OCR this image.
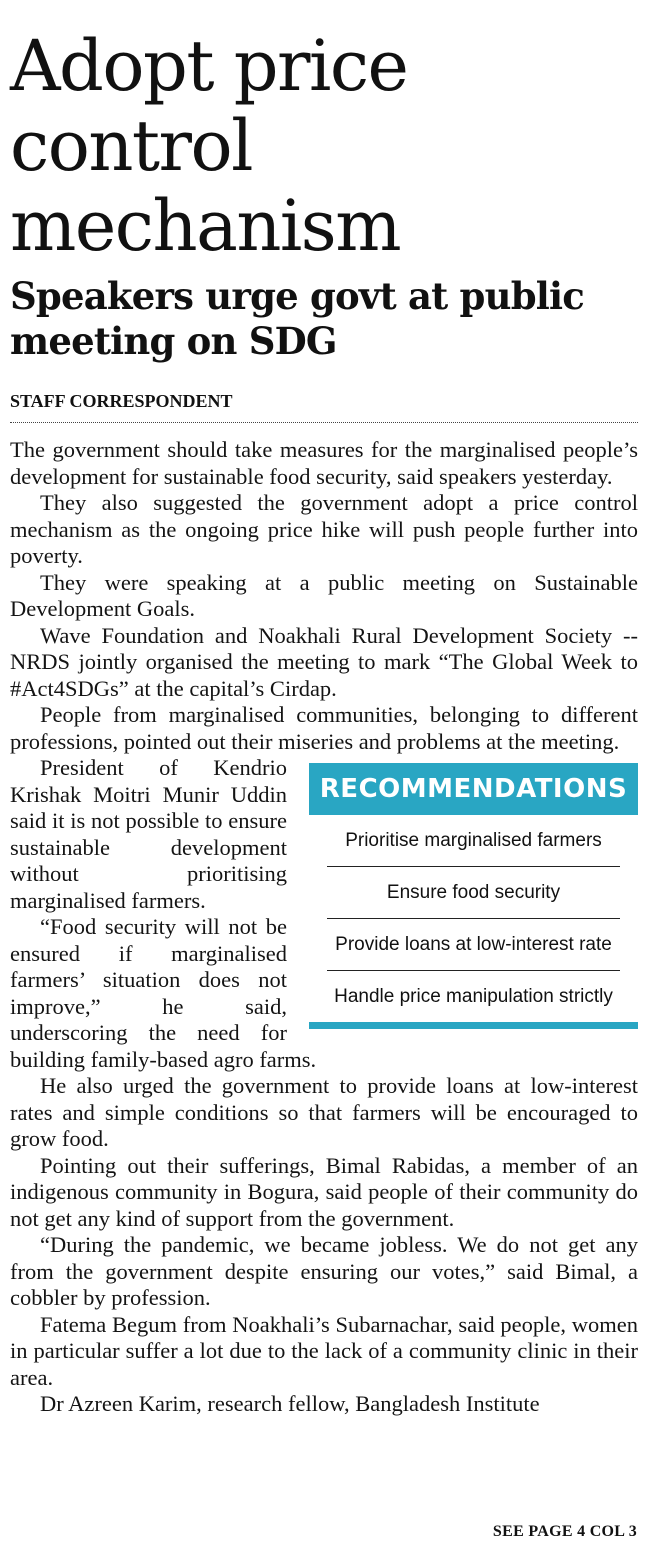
Adopt price control mechanism
Speakers urge govt at public meeting on SDG
STAFF CORRESPONDENT

The government should take measures for the marginalised people’s development for sustainable food security, said speakers yesterday.

They also suggested the government adopt a price control mechanism as the ongoing price hike will push people further into poverty.

They were speaking at a public meeting on Sustainable Development Goals.

Wave Foundation and Noakhali Rural Development Society -- NRDS jointly organised the meeting to mark “The Global Week to #Act4SDGs” at the capital’s Cirdap.

People from marginalised communities, belonging to different professions, pointed out their miseries and problems at the meeting.

RECOMMENDATIONS
Prioritise marginalised farmers
Ensure food security
Provide loans at low-interest rate
Handle price manipulation strictly

President of Kendrio Krishak Moitri Munir Uddin said it is not possible to ensure sustainable development without prioritising marginalised farmers.

“Food security will not be ensured if marginalised farmers’ situation does not improve,” he said, underscoring the need for building family-based agro farms.

He also urged the government to provide loans at low-interest rates and simple conditions so that farmers will be encouraged to grow food.

Pointing out their sufferings, Bimal Rabidas, a member of an indigenous community in Bogura, said people of their community do not get any kind of support from the government.

“During the pandemic, we became jobless. We do not get any from the government despite ensuring our votes,” said Bimal, a cobbler by profession.

Fatema Begum from Noakhali’s Subarnachar, said people, women in particular suffer a lot due to the lack of a community clinic in their area.

Dr Azreen Karim, research fellow, Bangladesh Institute

SEE PAGE 4 COL 3
